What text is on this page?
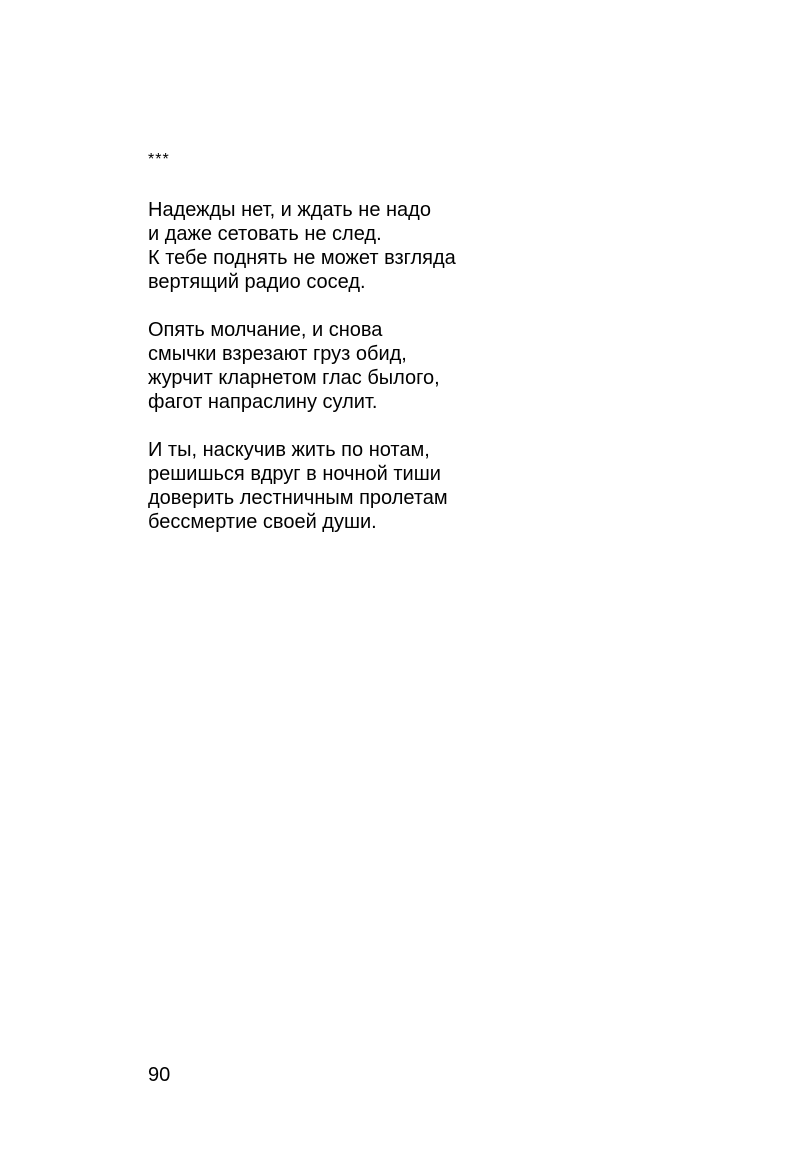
***
Надежды нет, и ждать не надо
и даже сетовать не след.
К тебе поднять не может взгляда
вертящий радио сосед.
Опять молчание, и снова
смычки взрезают груз обид,
журчит кларнетом глас былого,
фагот напраслину сулит.
И ты, наскучив жить по нотам,
решишься вдруг в ночной тиши
доверить лестничным пролетам
бессмертие своей души.
90
